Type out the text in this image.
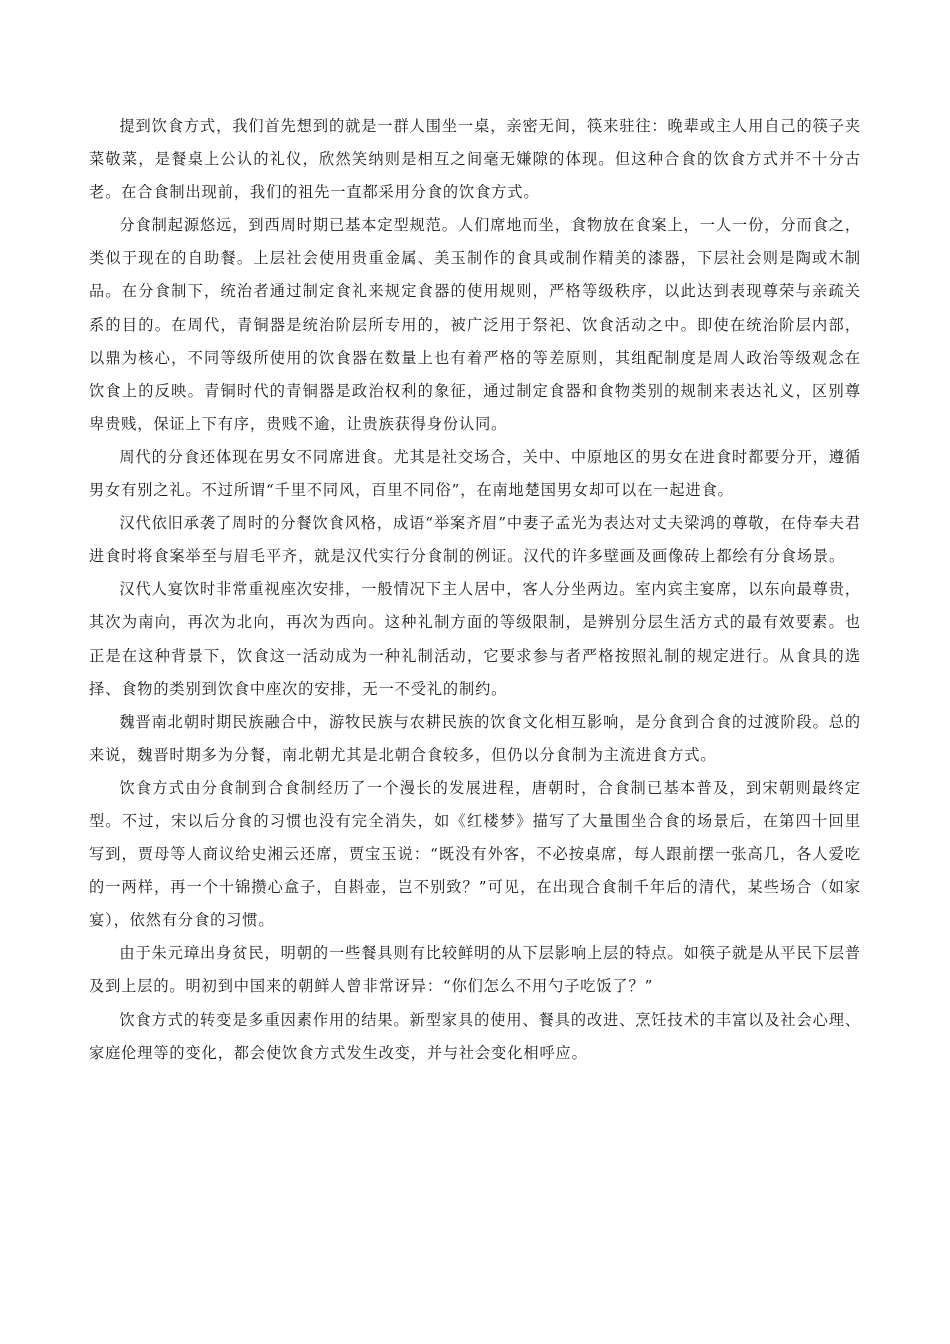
提到饮食方式，我们首先想到的就是一群人围坐一桌，亲密无间，筷来驻往：晚辈或主人用自己的筷子夹菜敬菜，是餐桌上公认的礼仪，欣然笑纳则是相互之间毫无嫌隙的体现。但这种合食的饮食方式并不十分古老。在合食制出现前，我们的祖先一直都采用分食的饮食方式。

分食制起源悠远，到西周时期已基本定型规范。人们席地而坐，食物放在食案上，一人一份，分而食之，类似于现在的自助餐。上层社会使用贵重金属、美玉制作的食具或制作精美的漆器，下层社会则是陶或木制品。在分食制下，统治者通过制定食礼来规定食器的使用规则，严格等级秩序，以此达到表现尊荣与亲疏关系的目的。在周代，青铜器是统治阶层所专用的，被广泛用于祭祀、饮食活动之中。即使在统治阶层内部，以鼎为核心，不同等级所使用的饮食器在数量上也有着严格的等差原则，其组配制度是周人政治等级观念在饮食上的反映。青铜时代的青铜器是政治权利的象征，通过制定食器和食物类别的规制来表达礼义，区别尊卑贵贱，保证上下有序，贵贱不逾，让贵族获得身份认同。

周代的分食还体现在男女不同席进食。尤其是社交场合，关中、中原地区的男女在进食时都要分开，遵循男女有别之礼。不过所谓“千里不同风，百里不同俗”，在南地楚国男女却可以在一起进食。

汉代依旧承袭了周时的分餐饮食风格，成语“举案齐眉”中妻子孟光为表达对丈夫梁鸿的尊敬，在侍奉夫君进食时将食案举至与眉毛平齐，就是汉代实行分食制的例证。汉代的许多壁画及画像砖上都绘有分食场景。

汉代人宴饮时非常重视座次安排，一般情况下主人居中，客人分坐两边。室内宾主宴席，以东向最尊贵，其次为南向，再次为北向，再次为西向。这种礼制方面的等级限制，是辨别分层生活方式的最有效要素。也正是在这种背景下，饮食这一活动成为一种礼制活动，它要求参与者严格按照礼制的规定进行。从食具的选择、食物的类别到饮食中座次的安排，无一不受礼的制约。

魏晋南北朝时期民族融合中，游牧民族与农耕民族的饮食文化相互影响，是分食到合食的过渡阶段。总的来说，魏晋时期多为分餐，南北朝尤其是北朝合食较多，但仍以分食制为主流进食方式。

饮食方式由分食制到合食制经历了一个漫长的发展进程，唐朝时，合食制已基本普及，到宋朝则最终定型。不过，宋以后分食的习惯也没有完全消失，如《红楼梦》描写了大量围坐合食的场景后，在第四十回里写到，贾母等人商议给史湘云还席，贾宝玉说：“既没有外客，不必按桌席，每人跟前摆一张高几，各人爱吃的一两样，再一个十锦攒心盒子，自斟壶，岂不别致？”可见，在出现合食制千年后的清代，某些场合（如家宴），依然有分食的习惯。

由于朱元璋出身贫民，明朝的一些餐具则有比较鲜明的从下层影响上层的特点。如筷子就是从平民下层普及到上层的。明初到中国来的朝鲜人曾非常讶异：“你们怎么不用勺子吃饭了？”

饮食方式的转变是多重因素作用的结果。新型家具的使用、餐具的改进、烹饪技术的丰富以及社会心理、家庭伦理等的变化，都会使饮食方式发生改变，并与社会变化相呼应。
